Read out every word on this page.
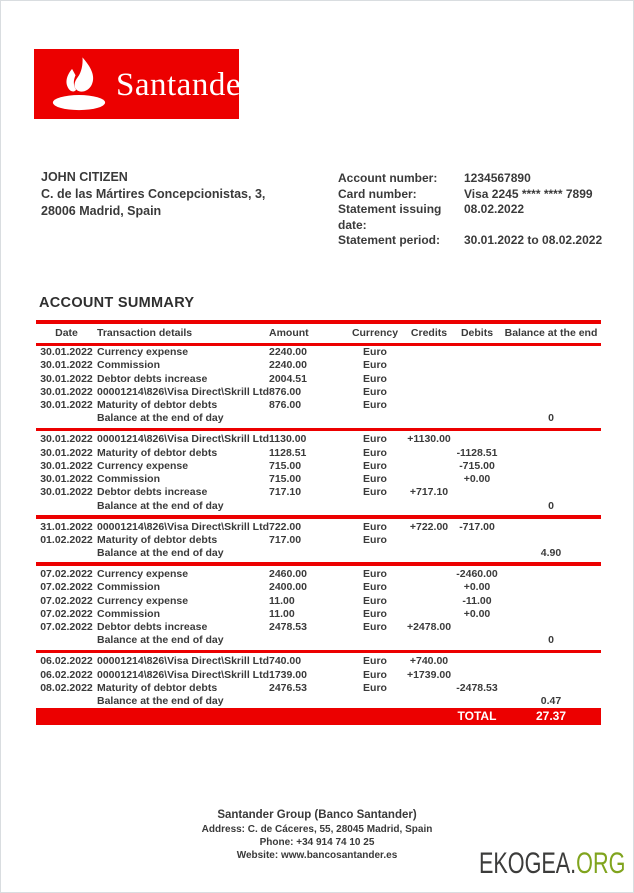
Santander
JOHN CITIZEN
C. de las Mártires Concepcionistas, 3,
28006 Madrid, Spain
Account number:	1234567890
Card number:	Visa 2245 **** **** 7899
Statement issuing date:
08.02.2022
Statement period:	30.01.2022 to 08.02.2022
ACCOUNT SUMMARY
Date	Transaction details	Amount	Currency	Credits	Debits	Balance at the end
30.01.2022	Currency expense	2240.00	Euro			
30.01.2022	Commission	2240.00	Euro			
30.01.2022	Debtor debts increase	2004.51	Euro			
30.01.2022	00001214\826\Visa Direct\Skrill Ltd	876.00	Euro			
30.01.2022	Maturity of debtor debts	876.00	Euro			
	Balance at the end of day					0

30.01.2022	00001214\826\Visa Direct\Skrill Ltd	1130.00	Euro	+1130.00		
30.01.2022	Maturity of debtor debts	1128.51	Euro		-1128.51	
30.01.2022	Currency expense	715.00	Euro		-715.00	
30.01.2022	Commission	715.00	Euro		+0.00	
30.01.2022	Debtor debts increase	717.10	Euro	+717.10		
	Balance at the end of day					0

31.01.2022	00001214\826\Visa Direct\Skrill Ltd	722.00	Euro	+722.00	-717.00	
01.02.2022	Maturity of debtor debts	717.00	Euro			
	Balance at the end of day					4.90

07.02.2022	Currency expense	2460.00	Euro		-2460.00	
07.02.2022	Commission	2400.00	Euro		+0.00	
07.02.2022	Currency expense	11.00	Euro		-11.00	
07.02.2022	Commission	11.00	Euro		+0.00	
07.02.2022	Debtor debts increase	2478.53	Euro	+2478.00		
	Balance at the end of day					0

06.02.2022	00001214\826\Visa Direct\Skrill Ltd	740.00	Euro	+740.00		
06.02.2022	00001214\826\Visa Direct\Skrill Ltd	1739.00	Euro	+1739.00		
08.02.2022	Maturity of debtor debts	2476.53	Euro		-2478.53	
	Balance at the end of day					0.47
					TOTAL	27.37
Santander Group (Banco Santander)
Address: C. de Cáceres, 55, 28045 Madrid, Spain
Phone: +34 914 74 10 25
Website: www.bancosantander.es	EKOGEA.ORG
